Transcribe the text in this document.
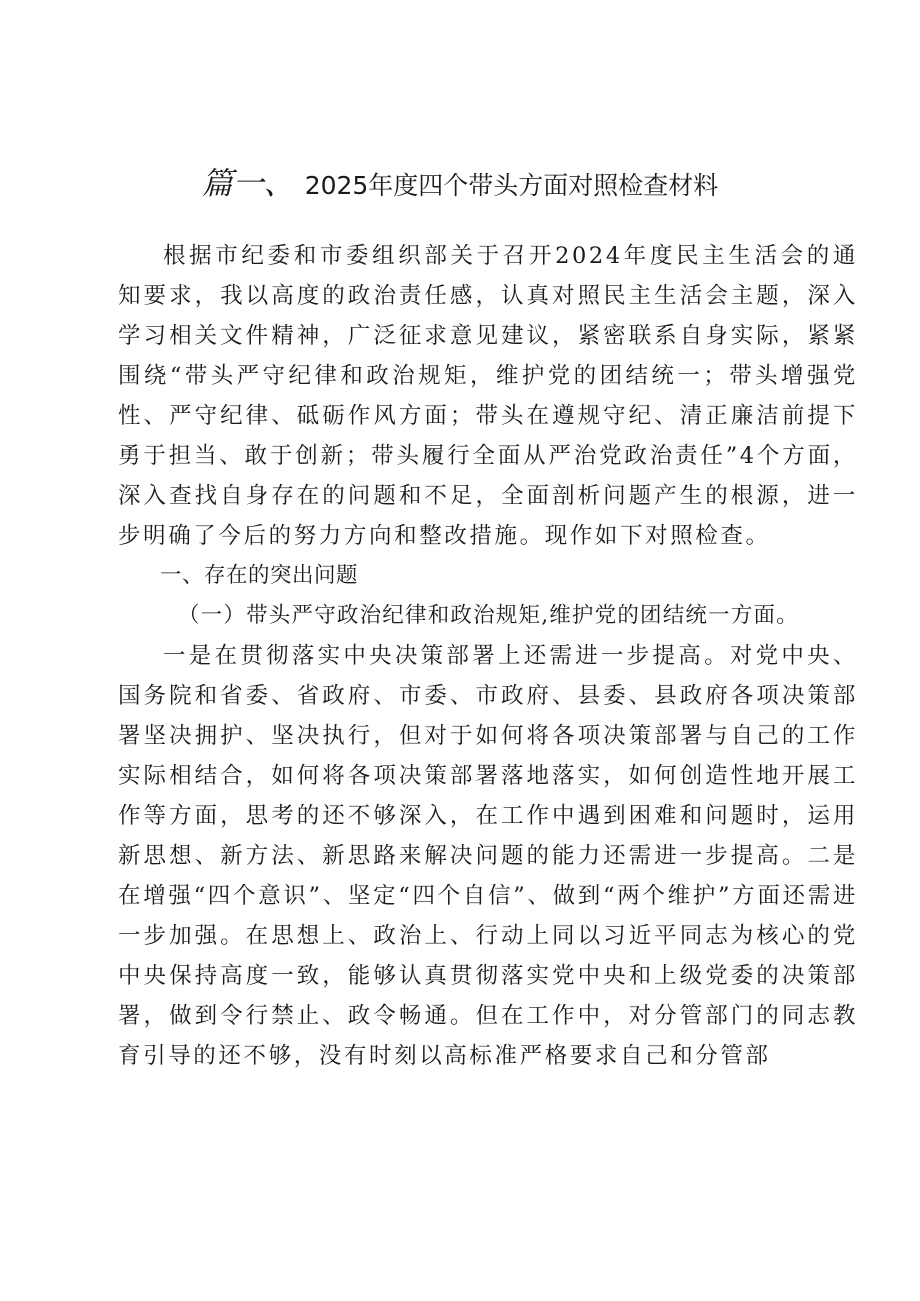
篇一、 2025年度四个带头方面对照检查材料

根据市纪委和市委组织部关于召开2024年度民主生活会的通知要求，我以高度的政治责任感，认真对照民主生活会主题，深入学习相关文件精神，广泛征求意见建议，紧密联系自身实际，紧紧围绕“带头严守纪律和政治规矩，维护党的团结统一；带头增强党性、严守纪律、砥砺作风方面；带头在遵规守纪、清正廉洁前提下勇于担当、敢于创新；带头履行全面从严治党政治责任”4个方面，深入查找自身存在的问题和不足，全面剖析问题产生的根源，进一步明确了今后的努力方向和整改措施。现作如下对照检查。

一、存在的突出问题

（一）带头严守政治纪律和政治规矩,维护党的团结统一方面。

一是在贯彻落实中央决策部署上还需进一步提高。对党中央、国务院和省委、省政府、市委、市政府、县委、县政府各项决策部署坚决拥护、坚决执行，但对于如何将各项决策部署与自己的工作实际相结合，如何将各项决策部署落地落实，如何创造性地开展工作等方面，思考的还不够深入，在工作中遇到困难和问题时，运用新思想、新方法、新思路来解决问题的能力还需进一步提高。二是在增强“四个意识”、坚定“四个自信”、做到“两个维护”方面还需进一步加强。在思想上、政治上、行动上同以习近平同志为核心的党中央保持高度一致，能够认真贯彻落实党中央和上级党委的决策部署，做到令行禁止、政令畅通。但在工作中，对分管部门的同志教育引导的还不够，没有时刻以高标准严格要求自己和分管部
